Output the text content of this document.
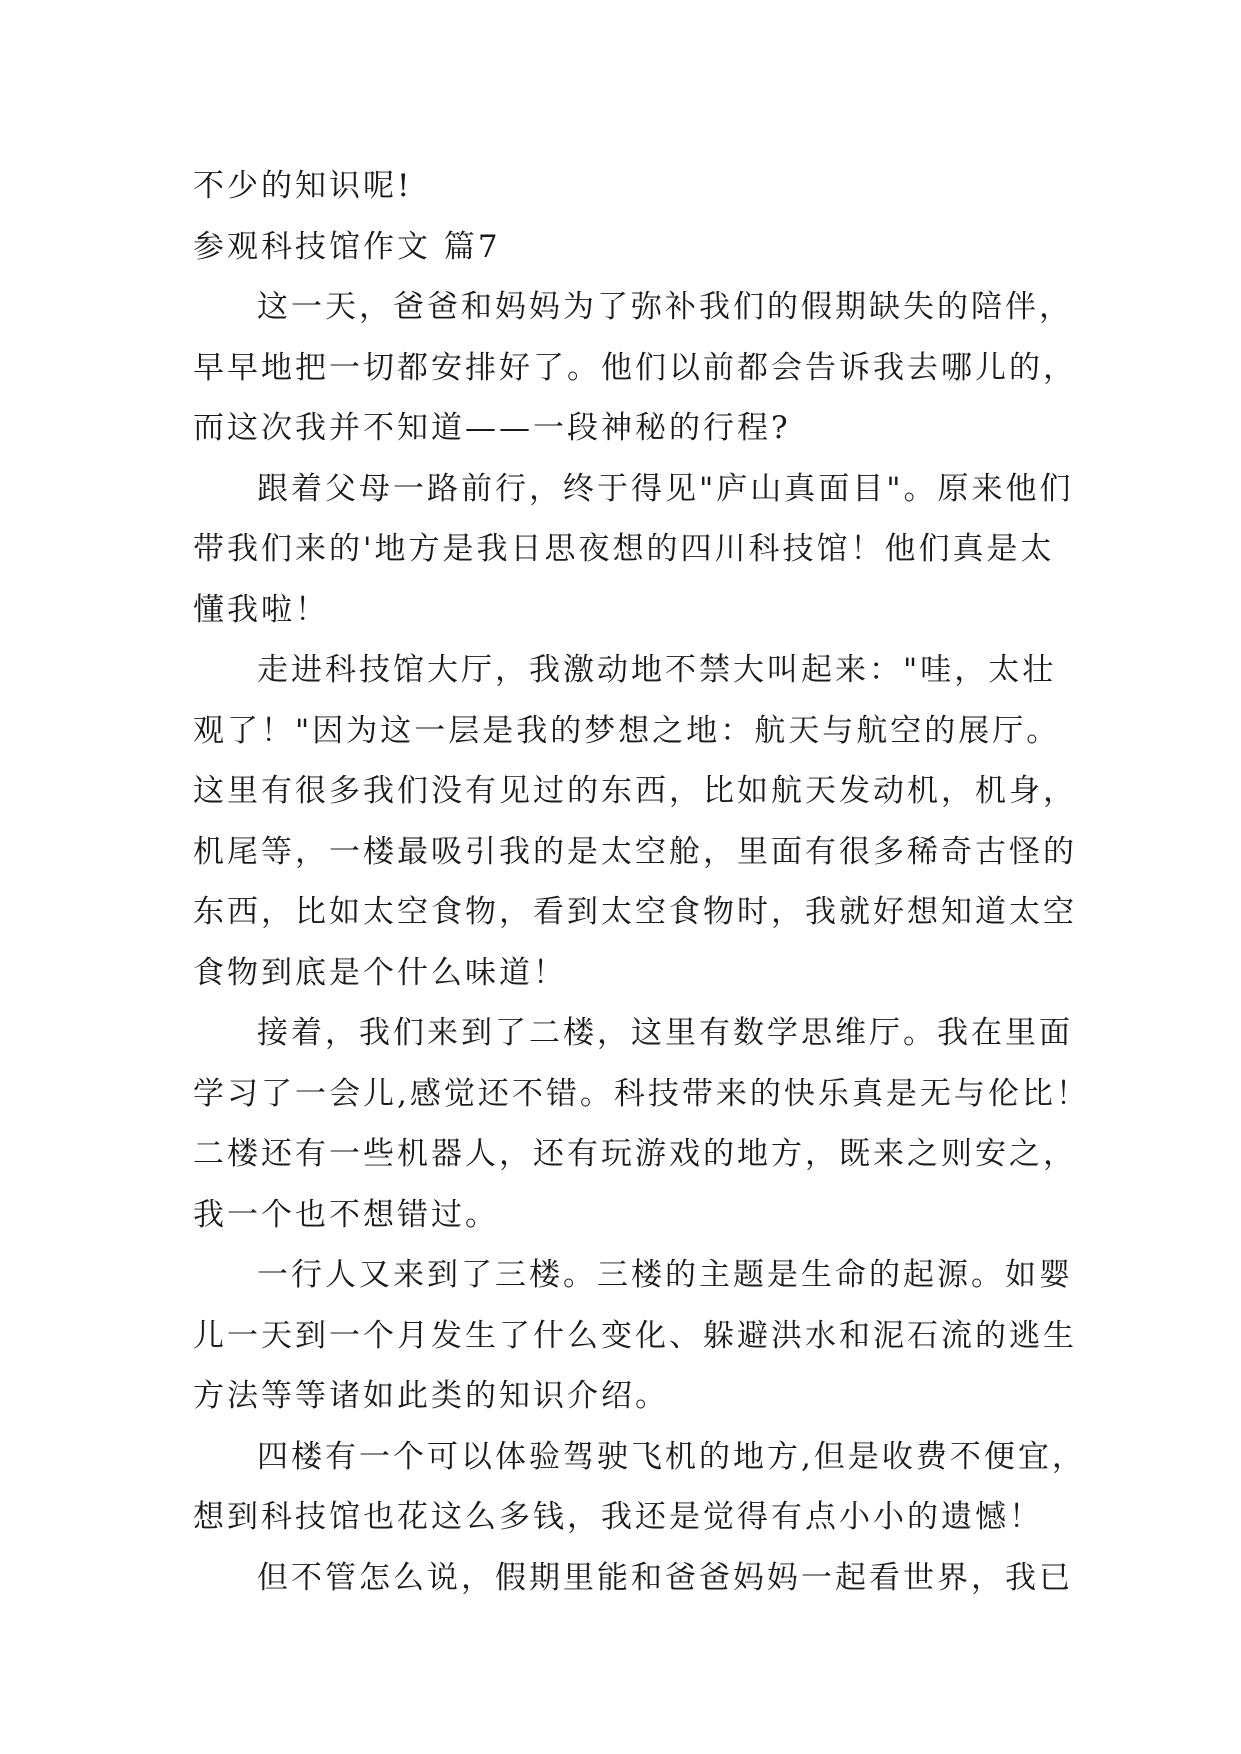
不少的知识呢!
参观科技馆作文 篇7
这一天，爸爸和妈妈为了弥补我们的假期缺失的陪伴，
早早地把一切都安排好了。他们以前都会告诉我去哪儿的，
而这次我并不知道——一段神秘的行程?
跟着父母一路前行，终于得见"庐山真面目"。原来他们
带我们来的'地方是我日思夜想的四川科技馆！他们真是太
懂我啦！
走进科技馆大厅，我激动地不禁大叫起来："哇，太壮
观了！"因为这一层是我的梦想之地：航天与航空的展厅。
这里有很多我们没有见过的东西，比如航天发动机，机身，
机尾等，一楼最吸引我的是太空舱，里面有很多稀奇古怪的
东西，比如太空食物，看到太空食物时，我就好想知道太空
食物到底是个什么味道！
接着，我们来到了二楼，这里有数学思维厅。我在里面
学习了一会儿,感觉还不错。科技带来的快乐真是无与伦比！
二楼还有一些机器人，还有玩游戏的地方，既来之则安之，
我一个也不想错过。
一行人又来到了三楼。三楼的主题是生命的起源。如婴
儿一天到一个月发生了什么变化、躲避洪水和泥石流的逃生
方法等等诸如此类的知识介绍。
四楼有一个可以体验驾驶飞机的地方,但是收费不便宜，
想到科技馆也花这么多钱，我还是觉得有点小小的遗憾！
但不管怎么说，假期里能和爸爸妈妈一起看世界，我已
